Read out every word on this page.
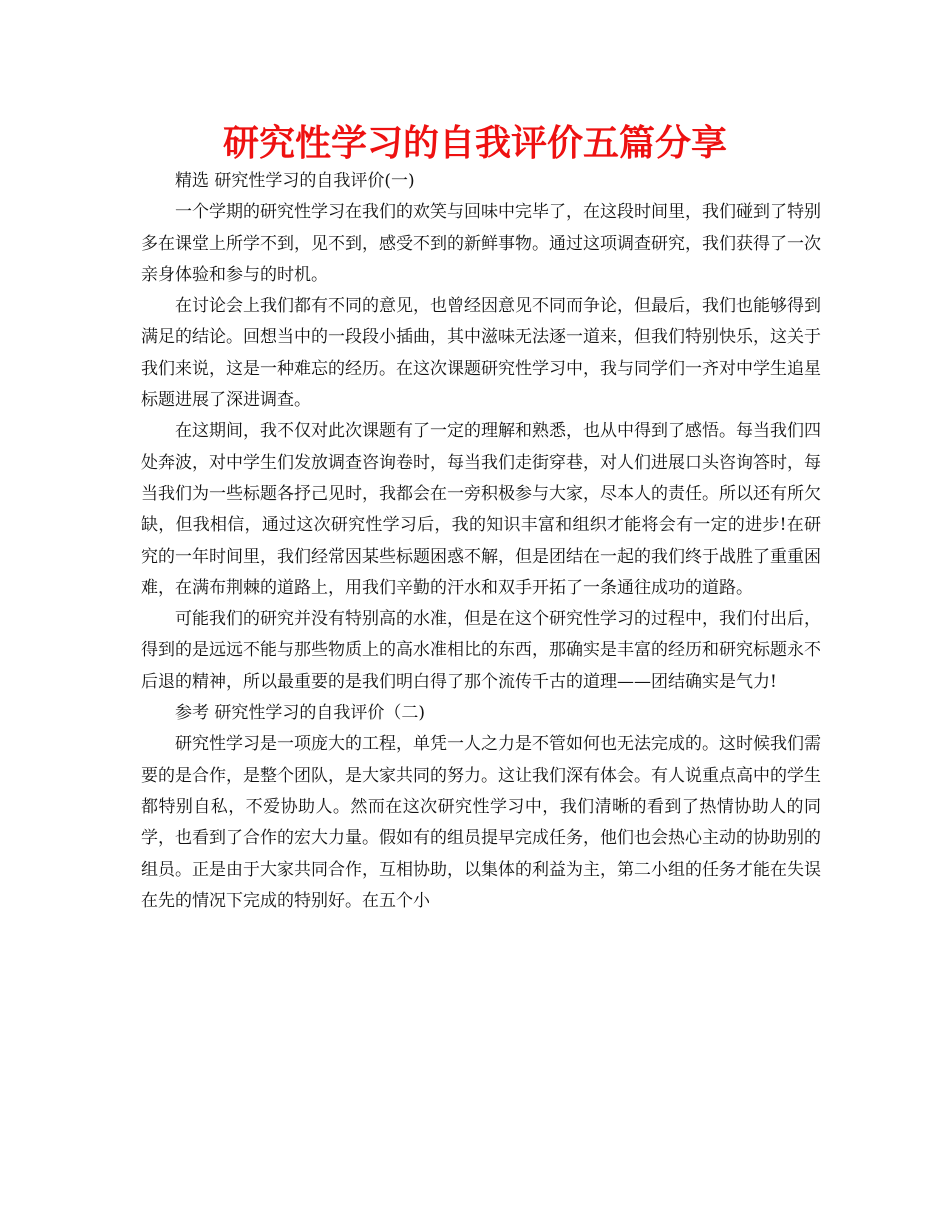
研究性学习的自我评价五篇分享

精选 研究性学习的自我评价(一)

一个学期的研究性学习在我们的欢笑与回味中完毕了，在这段时间里，我们碰到了特别多在课堂上所学不到，见不到，感受不到的新鲜事物。通过这项调查研究，我们获得了一次亲身体验和参与的时机。

在讨论会上我们都有不同的意见，也曾经因意见不同而争论，但最后，我们也能够得到满足的结论。回想当中的一段段小插曲，其中滋味无法逐一道来，但我们特别快乐，这关于我们来说，这是一种难忘的经历。在这次课题研究性学习中，我与同学们一齐对中学生追星标题进展了深进调查。

在这期间，我不仅对此次课题有了一定的理解和熟悉，也从中得到了感悟。每当我们四处奔波，对中学生们发放调查咨询卷时，每当我们走街穿巷，对人们进展口头咨询答时，每当我们为一些标题各抒己见时，我都会在一旁积极参与大家，尽本人的责任。所以还有所欠缺，但我相信，通过这次研究性学习后，我的知识丰富和组织才能将会有一定的进步!在研究的一年时间里，我们经常因某些标题困惑不解，但是团结在一起的我们终于战胜了重重困难，在满布荆棘的道路上，用我们辛勤的汗水和双手开拓了一条通往成功的道路。

可能我们的研究并没有特别高的水准，但是在这个研究性学习的过程中，我们付出后，得到的是远远不能与那些物质上的高水准相比的东西，那确实是丰富的经历和研究标题永不后退的精神，所以最重要的是我们明白得了那个流传千古的道理——团结确实是气力!

参考 研究性学习的自我评价（二)

研究性学习是一项庞大的工程，单凭一人之力是不管如何也无法完成的。这时候我们需要的是合作，是整个团队，是大家共同的努力。这让我们深有体会。有人说重点高中的学生都特别自私，不爱协助人。然而在这次研究性学习中，我们清晰的看到了热情协助人的同学，也看到了合作的宏大力量。假如有的组员提早完成任务，他们也会热心主动的协助别的组员。正是由于大家共同合作，互相协助，以集体的利益为主，第二小组的任务才能在失误在先的情况下完成的特别好。在五个小
